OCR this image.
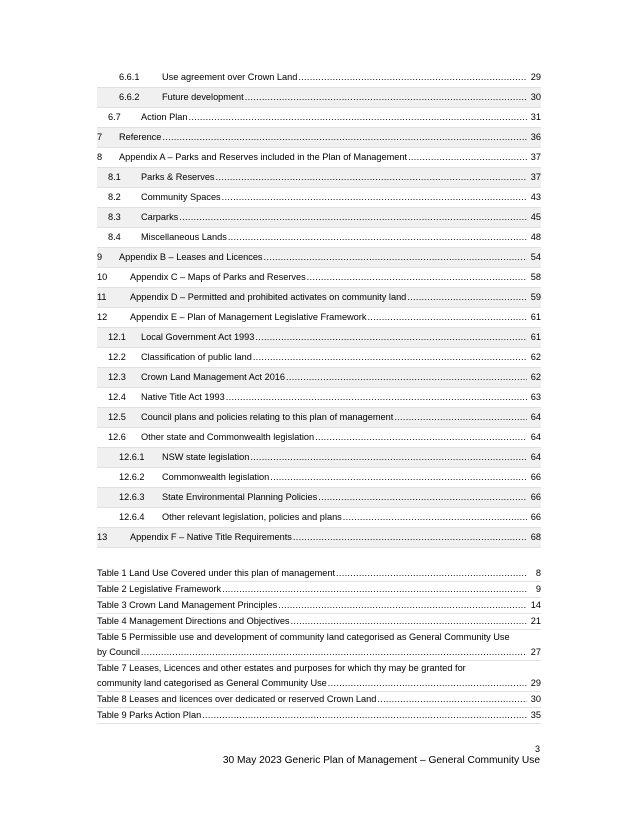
6.6.1 Use agreement over Crown Land .....	29
6.6.2 Future development .....	30
6.7 Action Plan .....	31
7 Reference .....	36
8 Appendix A – Parks and Reserves included in the Plan of Management .....	37
8.1 Parks & Reserves .....	37
8.2 Community Spaces .....	43
8.3 Carparks .....	45
8.4 Miscellaneous Lands .....	48
9 Appendix B – Leases and Licences .....	54
10 Appendix C – Maps of Parks and Reserves .....	58
11	Appendix D – Permitted and prohibited activates on community land .....	59
12 Appendix E – Plan of Management Legislative Framework .....	61
12.1 Local Government Act 1993 .....	61
12.2 Classification of public land .....	62
12.3 Crown Land Management Act 2016 .....	62
12.4 Native Title Act 1993 .....	63
12.5 Council plans and policies relating to this plan of management .....	64
12.6 Other state and Commonwealth legislation .....	64
12.6.1 NSW state legislation .....	64
12.6.2 Commonwealth legislation .....	66
12.6.3 State Environmental Planning Policies .....	66
12.6.4 Other relevant legislation, policies and plans .....	66
13 Appendix F – Native Title Requirements .....	68
Table 1 Land Use Covered under this plan of management .....	8
Table 2 Legislative Framework .....	9
Table 3 Crown Land Management Principles .....	14
Table 4 Management Directions and Objectives .....	21
Table 5 Permissible use and development of community land categorised as General Community Use
by Council .....	27
Table 7 Leases, Licences and other estates and purposes for which thy may be granted for
community land categorised as General Community Use .....	29
Table 8 Leases and licences over dedicated or reserved Crown Land .....	30
Table 9 Parks Action Plan .....	35
3
30 May 2023 Generic Plan of Management – General Community Use
